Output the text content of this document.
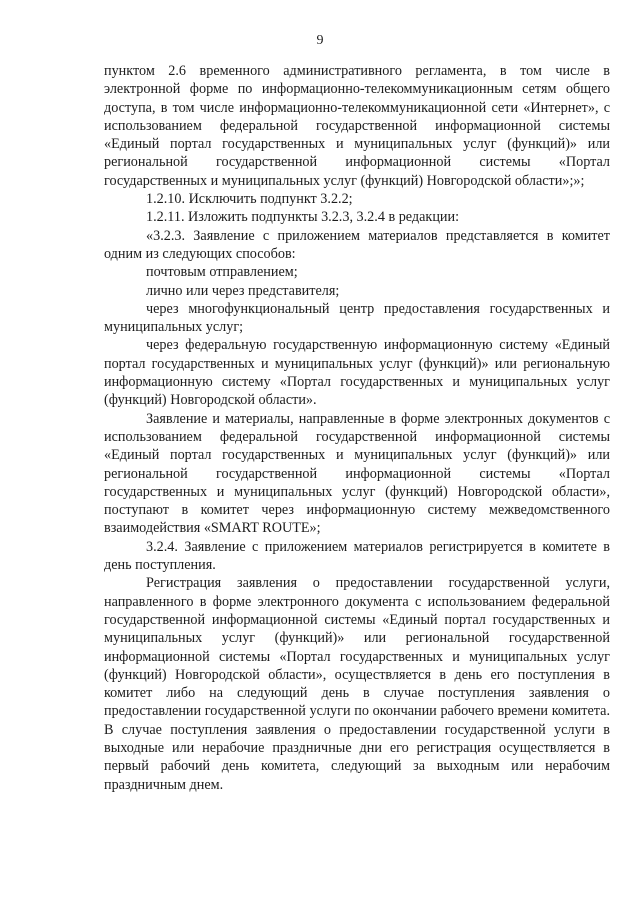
9

пунктом 2.6 временного административного регламента, в том числе в электронной форме по информационно-телекоммуникационным сетям общего доступа, в том числе информационно-телекоммуникационной сети «Интернет», с использованием федеральной государственной информационной системы «Единый портал государственных и муниципальных услуг (функций)» или региональной государственной информационной системы «Портал государственных и муниципальных услуг (функций) Новгородской области»;»;

1.2.10. Исключить подпункт 3.2.2;

1.2.11. Изложить подпункты 3.2.3, 3.2.4 в редакции:

«3.2.3. Заявление с приложением материалов представляется в комитет одним из следующих способов:

почтовым отправлением;

лично или через представителя;

через многофункциональный центр предоставления государственных и муниципальных услуг;

через федеральную государственную информационную систему «Единый портал государственных и муниципальных услуг (функций)» или региональную информационную систему «Портал государственных и муниципальных услуг (функций) Новгородской области».

Заявление и материалы, направленные в форме электронных документов с использованием федеральной государственной информационной системы «Единый портал государственных и муниципальных услуг (функций)» или региональной государственной информационной системы «Портал государственных и муниципальных услуг (функций) Новгородской области», поступают в комитет через информационную систему межведомственного взаимодействия «SMART ROUTE»;

3.2.4. Заявление с приложением материалов регистрируется в комитете в день поступления.

Регистрация заявления о предоставлении государственной услуги, направленного в форме электронного документа с использованием федеральной государственной информационной системы «Единый портал государственных и муниципальных услуг (функций)» или региональной государственной информационной системы «Портал государственных и муниципальных услуг (функций) Новгородской области», осуществляется в день его поступления в комитет либо на следующий день в случае поступления заявления о предоставлении государственной услуги по окончании рабочего времени комитета. В случае поступления заявления о предоставлении государственной услуги в выходные или нерабочие праздничные дни его регистрация осуществляется в первый рабочий день комитета, следующий за выходным или нерабочим праздничным днем.
